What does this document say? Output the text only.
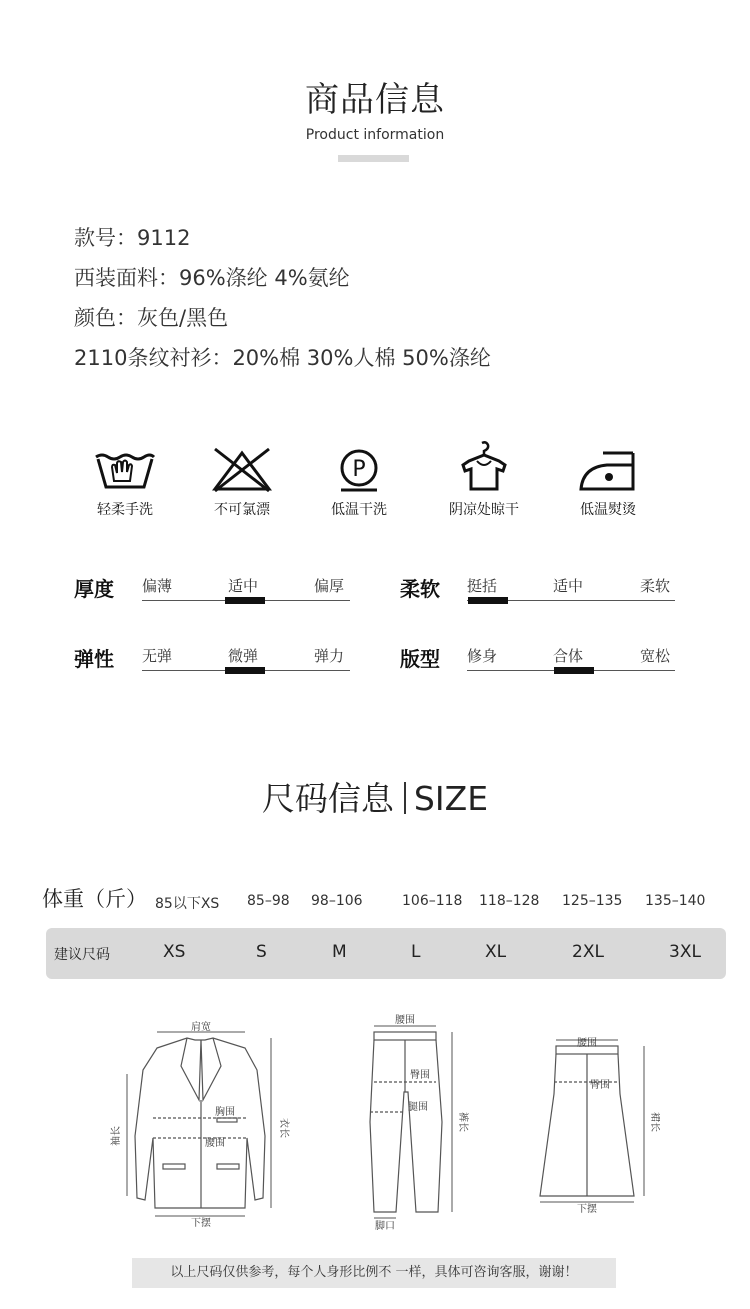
商品信息
Product information
款号：9112
西装面料：96%涤纶 4%氨纶
颜色：灰色/黑色
2110条纹衬衫：20%棉 30%人棉 50%涤纶
轻柔手洗	不可氯漂
P
低温干洗	阴凉处晾干	低温熨烫
厚度 偏薄	适中	偏厚	柔软 挺括	适中	柔软
弹性 无弹	微弹	弹力	版型 修身	合体	宽松
尺码信息 SIZE
体重（斤） 85以下XS 85–98 98–106	106–118 118–128 125–135 135–140
建议尺码	XS	S	M	L	XL	2XL	3XL
肩宽
胸围
腰围
袖长	衣长
下摆
腰围
臀围
腿围
裤长
脚口
腰围
臀围
裙长
下摆
以上尺码仅供参考，每个人身形比例不 一样，具体可咨询客服，谢谢！
